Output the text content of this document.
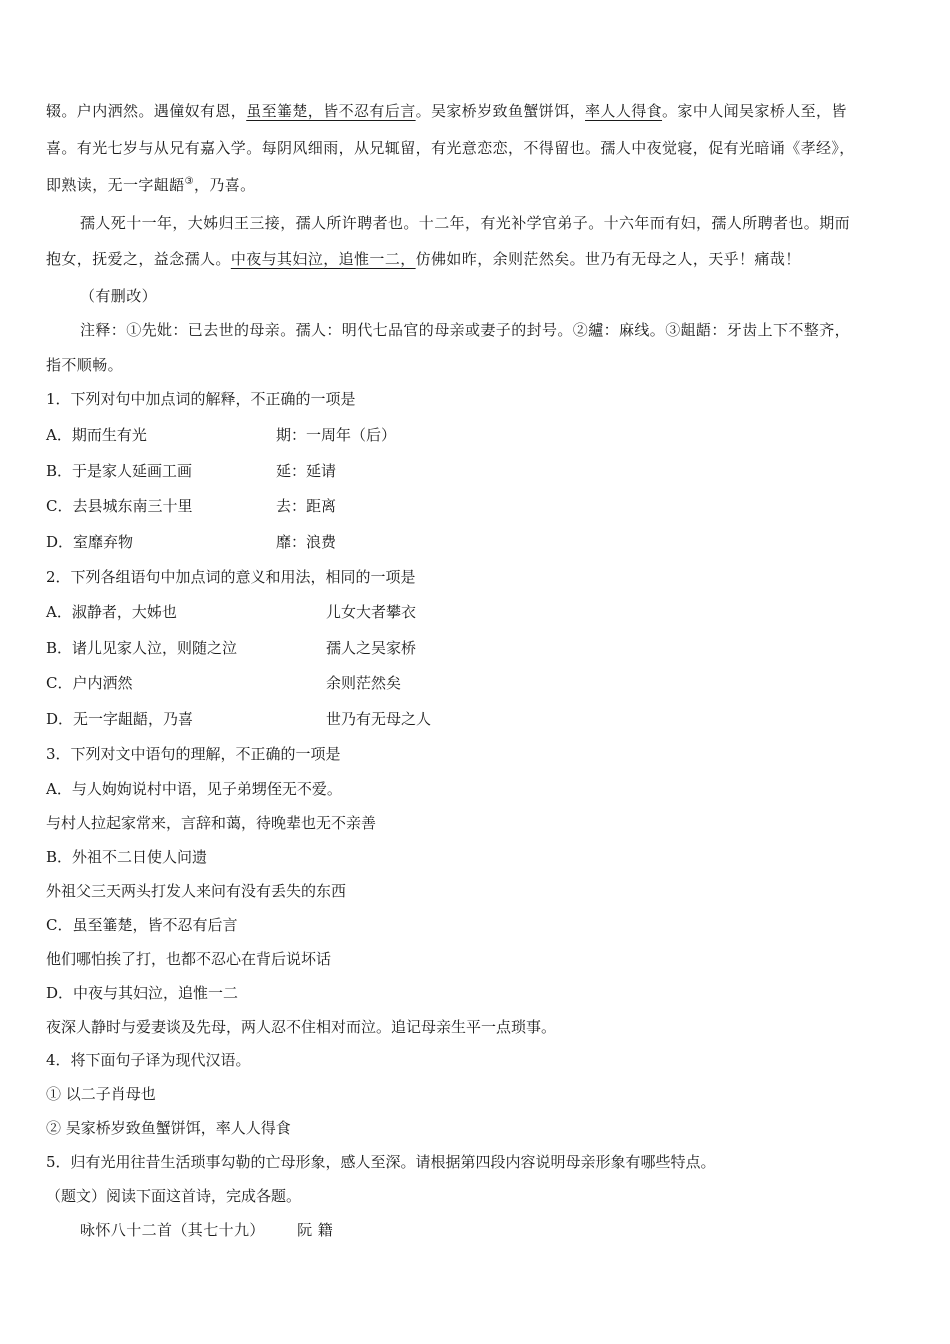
辍。户内洒然。遇僮奴有恩，虽至箠楚，皆不忍有后言。吴家桥岁致鱼蟹饼饵，率人人得食。家中人闻吴家桥人至，皆
喜。有光七岁与从兄有嘉入学。每阴风细雨，从兄辄留，有光意恋恋，不得留也。孺人中夜觉寝，促有光暗诵《孝经》，
即熟读，无一字龃龉③，乃喜。
孺人死十一年，大姊归王三接，孺人所许聘者也。十二年，有光补学官弟子。十六年而有妇，孺人所聘者也。期而
抱女，抚爱之，益念孺人。中夜与其妇泣，追惟一二，仿佛如昨，余则茫然矣。世乃有无母之人，天乎！痛哉！
（有删改）
注释：①先妣：已去世的母亲。孺人：明代七品官的母亲或妻子的封号。②纑：麻线。③龃龉：牙齿上下不整齐，
指不顺畅。
1．下列对句中加点词的解释，不正确的一项是
A．期而生有光	期：一周年（后）
B．于是家人延画工画	延：延请
C．去县城东南三十里	去：距离
D．室靡弃物	靡：浪费
2．下列各组语句中加点词的意义和用法，相同的一项是
A．淑静者，大姊也	儿女大者攀衣
B．诸儿见家人泣，则随之泣	孺人之吴家桥
C．户内洒然	余则茫然矣
D．无一字龃龉，乃喜	世乃有无母之人
3．下列对文中语句的理解，不正确的一项是
A．与人姁姁说村中语，见子弟甥侄无不爱。
与村人拉起家常来，言辞和蔼，待晚辈也无不亲善
B．外祖不二日使人问遗
外祖父三天两头打发人来问有没有丢失的东西
C．虽至箠楚，皆不忍有后言
他们哪怕挨了打，也都不忍心在背后说坏话
D．中夜与其妇泣，追惟一二
夜深人静时与爱妻谈及先母，两人忍不住相对而泣。追记母亲生平一点琐事。
4．将下面句子译为现代汉语。
① 以二子肖母也
② 吴家桥岁致鱼蟹饼饵，率人人得食
5．归有光用往昔生活琐事勾勒的亡母形象，感人至深。请根据第四段内容说明母亲形象有哪些特点。
（题文）阅读下面这首诗，完成各题。
咏怀八十二首（其七十九） 阮 籍
